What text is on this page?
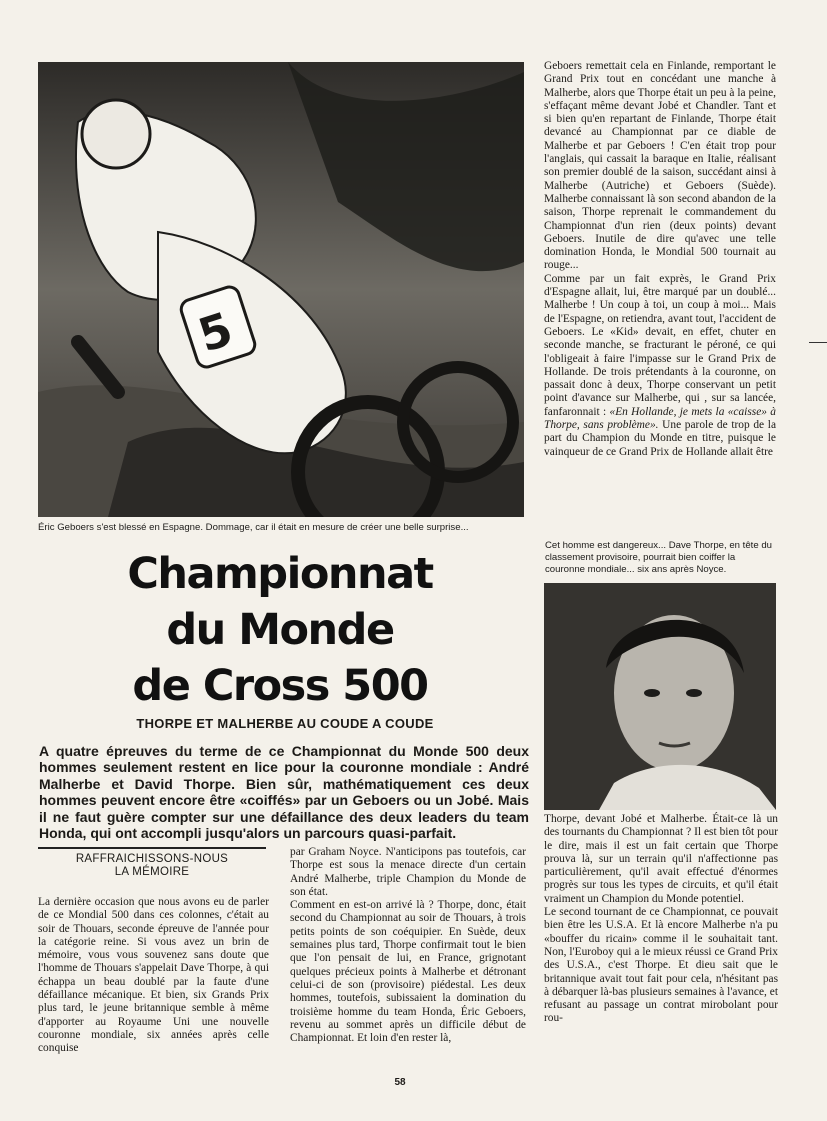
5
Éric Geboers s'est blessé en Espagne. Dommage, car il était en mesure de créer une belle surprise...

Geboers remettait cela en Finlande, remportant le Grand Prix tout en concédant une manche à Malherbe, alors que Thorpe était un peu à la peine, s'effaçant même devant Jobé et Chandler. Tant et si bien qu'en repartant de Finlande, Thorpe était devancé au Championnat par ce diable de Malherbe et par Geboers ! C'en était trop pour l'anglais, qui cassait la baraque en Italie, réalisant son premier doublé de la saison, succédant ainsi à Malherbe (Autriche) et Geboers (Suède). Malherbe connaissant là son second abandon de la saison, Thorpe reprenait le commandement du Championnat d'un rien (deux points) devant Geboers. Inutile de dire qu'avec une telle domination Honda, le Mondial 500 tournait au rouge...

Comme par un fait exprès, le Grand Prix d'Espagne allait, lui, être marqué par un doublé... Malherbe ! Un coup à toi, un coup à moi... Mais de l'Espagne, on retiendra, avant tout, l'accident de Geboers. Le «Kid» devait, en effet, chuter en seconde manche, se fracturant le péroné, ce qui l'obligeait à faire l'impasse sur le Grand Prix de Hollande. De trois prétendants à la couronne, on passait donc à deux, Thorpe conservant un petit point d'avance sur Malherbe, qui , sur sa lancée, fanfaronnait : «En Hollande, je mets la «caisse» à Thorpe, sans problème». Une parole de trop de la part du Champion du Monde en titre, puisque le vainqueur de ce Grand Prix de Hollande allait être

Cet homme est dangereux... Dave Thorpe, en tête du classement provisoire, pourrait bien coiffer la couronne mondiale... six ans après Noyce.
Championnat
du Monde
de Cross 500
THORPE ET MALHERBE AU COUDE A COUDE
A quatre épreuves du terme de ce Championnat du Monde 500 deux hommes seulement restent en lice pour la couronne mondiale : André Malherbe et David Thorpe. Bien sûr, mathématiquement ces deux hommes peuvent encore être «coiffés» par un Geboers ou un Jobé. Mais il ne faut guère compter sur une défaillance des deux leaders du team Honda, qui ont accompli jusqu'alors un parcours quasi-parfait.
RAFFRAICHISSONS-NOUS
LA MÉMOIRE

La dernière occasion que nous avons eu de parler de ce Mondial 500 dans ces colonnes, c'était au soir de Thouars, seconde épreuve de l'année pour la catégorie reine. Si vous avez un brin de mémoire, vous vous souvenez sans doute que l'homme de Thouars s'appelait Dave Thorpe, à qui échappa un beau doublé par la faute d'une défaillance mécanique. Et bien, six Grands Prix plus tard, le jeune britannique semble à même d'apporter au Royaume Uni une nouvelle couronne mondiale, six années après celle conquise

par Graham Noyce. N'anticipons pas toutefois, car Thorpe est sous la menace directe d'un certain André Malherbe, triple Champion du Monde de son état.

Comment en est-on arrivé là ? Thorpe, donc, était second du Championnat au soir de Thouars, à trois petits points de son coéquipier. En Suède, deux semaines plus tard, Thorpe confirmait tout le bien que l'on pensait de lui, en France, grignotant quelques précieux points à Malherbe et détronant celui-ci de son (provisoire) piédestal. Les deux hommes, toutefois, subissaient la domination du troisième homme du team Honda, Éric Geboers, revenu au sommet après un difficile début de Championnat. Et loin d'en rester là,

Thorpe, devant Jobé et Malherbe. Était-ce là un des tournants du Championnat ? Il est bien tôt pour le dire, mais il est un fait certain que Thorpe prouva là, sur un terrain qu'il n'affectionne pas particulièrement, qu'il avait effectué d'énormes progrès sur tous les types de circuits, et qu'il était vraiment un Champion du Monde potentiel.

Le second tournant de ce Championnat, ce pouvait bien être les U.S.A. Et là encore Malherbe n'a pu «bouffer du ricain» comme il le souhaitait tant. Non, l'Euroboy qui a le mieux réussi ce Grand Prix des U.S.A., c'est Thorpe. Et dieu sait que le britannique avait tout fait pour cela, n'hésitant pas à débarquer là-bas plusieurs semaines à l'avance, et refusant au passage un contrat mirobolant pour rou-

58
